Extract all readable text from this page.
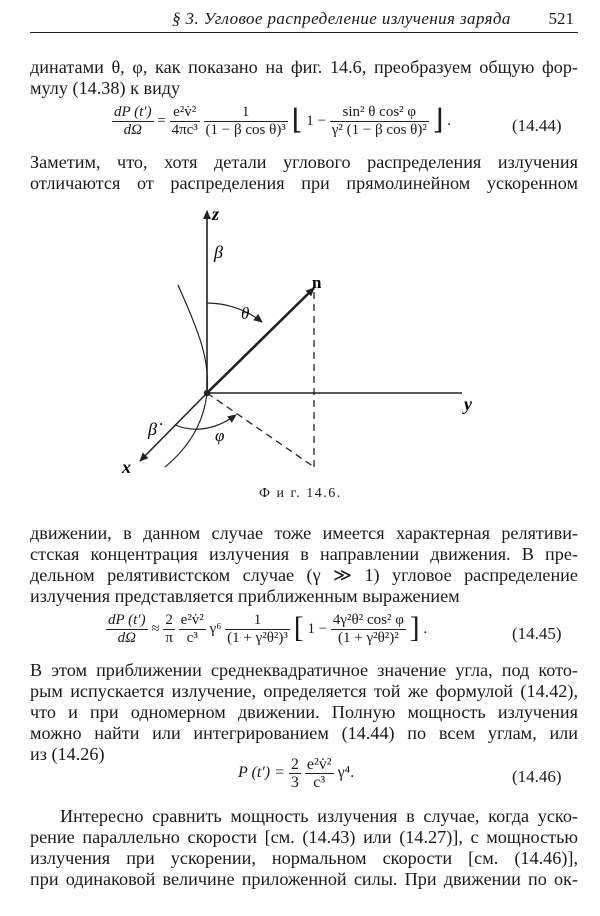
§ 3. Угловое распределение излучения заряда 521
динатами θ, φ, как показано на фиг. 14.6, преобразуем общую фор-
мулу (14.38) к виду
$\frac{dP (t')}{d\Omega} = \frac{\text{e²v̇²}}{\text{4πc³}}$
$\frac{1}{\text{(1 − β cos θ)³}}$ ⌊ $1 - \frac{\text{sin² θ cos² φ}}{\text{γ² (1 − β cos θ)²}}$ ⌋ .	(14.44)
Заметим, что, хотя детали углового распределения излучения
отличаются от распределения при прямолинейном ускоренном
z
β
n
θ
y
β̇	φ
x
Ф и г. 14.6.
движении, в данном случае тоже имеется характерная релятиви-
стская концентрация излучения в направлении движения. В пре-
дельном релятивистском случае (γ ≫ 1) угловое распределение
излучения представляется приближенным выражением
$\frac{dP (t')}{d\Omega} \approx \frac{2}{\pi}$
$\frac{\text{e²v̇²}}{\text{c³}} \gamma^6 \frac{1}{\text{(1 + γ²θ²)³}}$ [ $1 - \frac{\text{4γ²θ² cos² φ}}{\text{(1 + γ²θ²)²}}$ ] .	(14.45)
В этом приближении среднеквадратичное значение угла, под кото-
рым испускается излучение, определяется той же формулой (14.42),
что и при одномерном движении. Полную мощность излучения
можно найти или интегрированием (14.44) по всем углам, или
из (14.26)
P $(t') = \frac{2}{3}$
$\frac{\text{e²v̇²}}{\text{c³}} \gamma^4$.	(14.46)
Интересно сравнить мощность излучения в случае, когда уско-
рение параллельно скорости [см. (14.43) или (14.27)], с мощностью
излучения при ускорении, нормальном скорости [см. (14.46)],
при одинаковой величине приложенной силы. При движении по ок-
